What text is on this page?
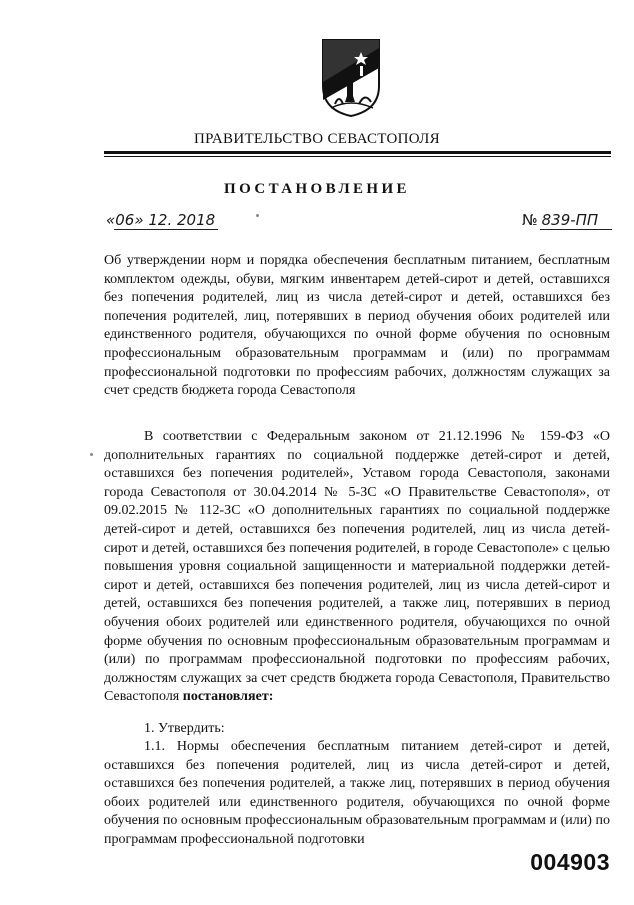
ПРАВИТЕЛЬСТВО СЕВАСТОПОЛЯ
ПОСТАНОВЛЕНИЕ
«06» 12. 2018	№ 839-ПП
Об утверждении норм и порядка обеспечения бесплатным питанием, бесплатным комплектом одежды, обуви, мягким инвентарем детей-сирот и детей, оставшихся без попечения родителей, лиц из числа детей-сирот и детей, оставшихся без попечения родителей, лиц, потерявших в период обучения обоих родителей или единственного родителя, обучающихся по очной форме обучения по основным профессиональным образовательным программам и (или) по программам профессиональной подготовки по профессиям рабочих, должностям служащих за счет средств бюджета города Севастополя
В соответствии с Федеральным законом от 21.12.1996 № 159-ФЗ «О дополнительных гарантиях по социальной поддержке детей-сирот и детей, оставшихся без попечения родителей», Уставом города Севастополя, законами города Севастополя от 30.04.2014 № 5-ЗС «О Правительстве Севастополя», от 09.02.2015 № 112-ЗС «О дополнительных гарантиях по социальной поддержке детей-сирот и детей, оставшихся без попечения родителей, лиц из числа детей-сирот и детей, оставшихся без попечения родителей, в городе Севастополе» с целью повышения уровня социальной защищенности и материальной поддержки детей-сирот и детей, оставшихся без попечения родителей, лиц из числа детей-сирот и детей, оставшихся без попечения родителей, а также лиц, потерявших в период обучения обоих родителей или единственного родителя, обучающихся по очной форме обучения по основным профессиональным образовательным программам и (или) по программам профессиональной подготовки по профессиям рабочих, должностям служащих за счет средств бюджета города Севастополя, Правительство Севастополя постановляет:
1. Утвердить:
1.1. Нормы обеспечения бесплатным питанием детей-сирот и детей, оставшихся без попечения родителей, лиц из числа детей-сирот и детей, оставшихся без попечения родителей, а также лиц, потерявших в период обучения обоих родителей или единственного родителя, обучающихся по очной форме обучения по основным профессиональным образовательным программам и (или) по программам профессиональной подготовки
004903
